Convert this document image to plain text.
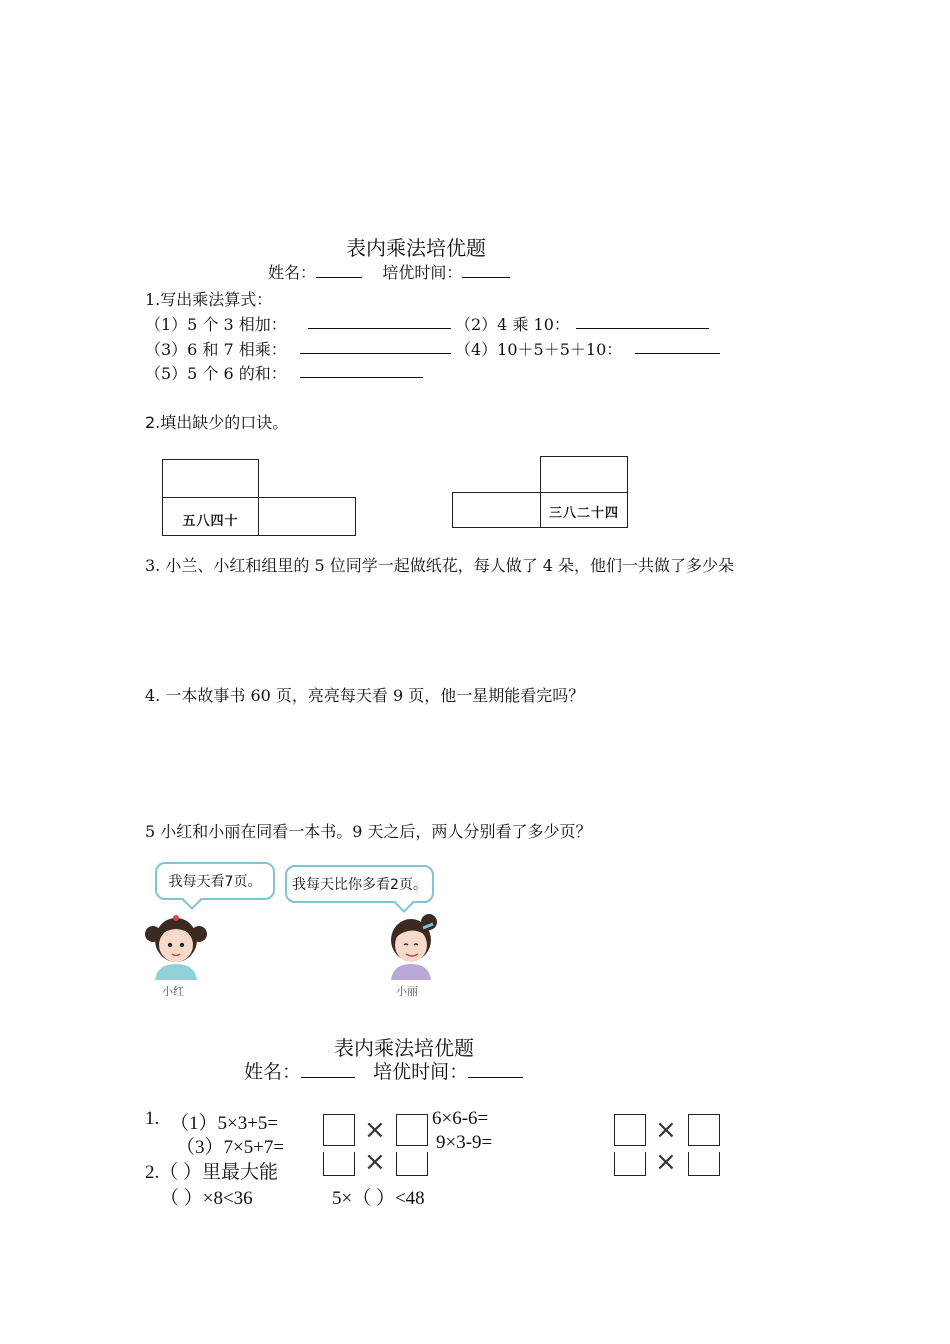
表内乘法培优题
姓名：	培优时间：
1.写出乘法算式：
（1）5 个 3 相加：	（2）4 乘 10：
（3）6 和 7 相乘：	（4）10＋5＋5＋10：
（5）5 个 6 的和：
2.填出缺少的口诀。
五八四十
三八二十四
3. 小兰、小红和组里的 5 位同学一起做纸花，每人做了 4 朵，他们一共做了多少朵
4. 一本故事书 60 页，亮亮每天看 9 页，他一星期能看完吗？
5 小红和小丽在同看一本书。9 天之后，两人分别看了多少页？
我每天看7页。 我每天比你多看2页。
小红	小丽
表内乘法培优题
姓名：	培优时间：
1. （1）5×3+5=	6×6-6=
（3）7×5+7=	9×3-9=
2.（ ）里最大能
（ ）×8<36	5×（ ）<48
×
×
×
×
